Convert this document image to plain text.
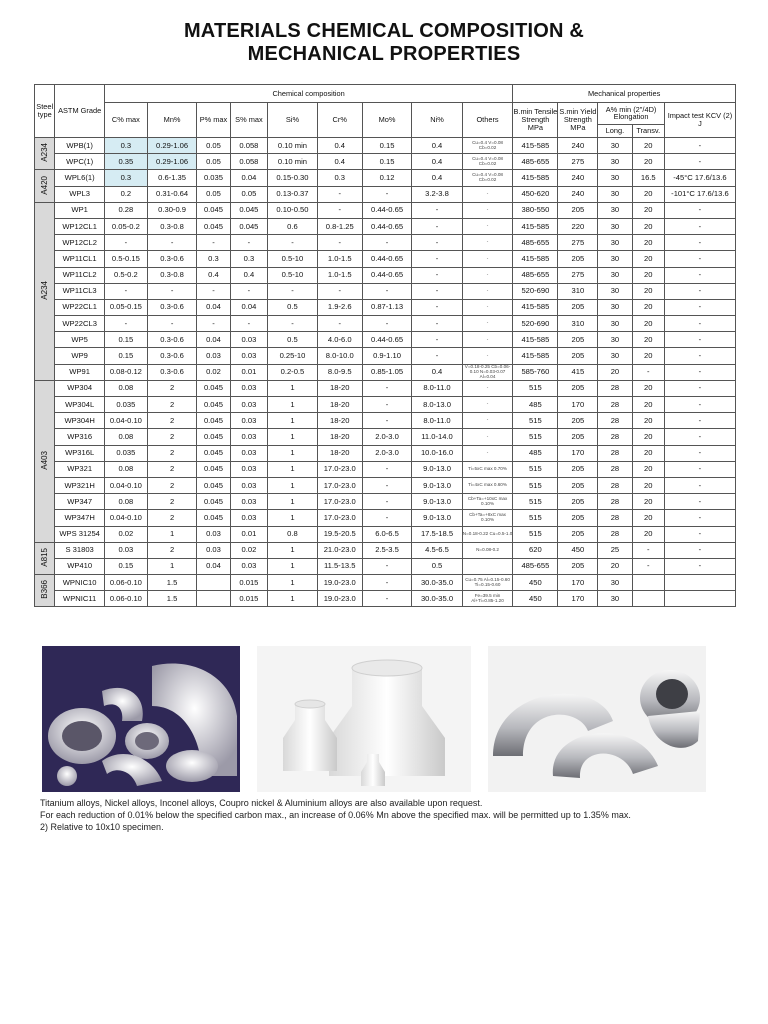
MATERIALS CHEMICAL COMPOSITION &
MECHANICAL PROPERTIES
Steel type	ASTM Grade	Chemical composition									Mechanical properties				
		C% max	Mn%	P% max	S% max	Si%	Cr%	Mo%	Ni%	Others	B.min Tensile Strength MPa	S.min Yield Strength MPa	A% min (2"/4D) Elongation		Impact test KCV (2) J
													Long.	Transv.	
A234	WPB(1)	0.3	0.29-1.06	0.05	0.058	0.10 min	0.4	0.15	0.4	Cu=0.4 V=0.08 Cb=0.02	415-585	240	30	20	-
	WPC(1)	0.35	0.29-1.06	0.05	0.058	0.10 min	0.4	0.15	0.4	Cu=0.4 V=0.08 Cb=0.02	485-655	275	30	20	-
A420	WPL6(1)	0.3	0.6-1.35	0.035	0.04	0.15-0.30	0.3	0.12	0.4	Cu=0.4 V=0.08 Cb=0.02	415-585	240	30	16.5	-45°C 17.6/13.6
	WPL3	0.2	0.31-0.64	0.05	0.05	0.13-0.37	-	-	3.2-3.8	-	450-620	240	30	20	-101°C 17.6/13.6
A234	WP1	0.28	0.30-0.9	0.045	0.045	0.10-0.50	-	0.44-0.65	-	-	380-550	205	30	20	-
	WP12CL1	0.05-0.2	0.3-0.8	0.045	0.045	0.6	0.8-1.25	0.44-0.65	-	-	415-585	220	30	20	-
	WP12CL2	-	-	-	-	-	-	-	-	-	485-655	275	30	20	-
	WP11CL1	0.5-0.15	0.3-0.6	0.3	0.3	0.5-10	1.0-1.5	0.44-0.65	-	-	415-585	205	30	20	-
	WP11CL2	0.5-0.2	0.3-0.8	0.4	0.4	0.5-10	1.0-1.5	0.44-0.65	-	-	485-655	275	30	20	-
	WP11CL3	-	-	-	-	-	-	-	-	-	520-690	310	30	20	-
	WP22CL1	0.05-0.15	0.3-0.6	0.04	0.04	0.5	1.9-2.6	0.87-1.13	-	-	415-585	205	30	20	-
	WP22CL3	-	-	-	-	-	-	-	-	-	520-690	310	30	20	-
	WP5	0.15	0.3-0.6	0.04	0.03	0.5	4.0-6.0	0.44-0.65	-	-	415-585	205	30	20	-
	WP9	0.15	0.3-0.6	0.03	0.03	0.25-10	8.0-10.0	0.9-1.10	-	-	415-585	205	30	20	-
	WP91	0.08-0.12	0.3-0.6	0.02	0.01	0.2-0.5	8.0-9.5	0.85-1.05	0.4	V=0.18-0.25 Cb=0.06-0.10 N=0.03-0.07 Al=0.04	585-760	415	20	-	-
A403	WP304	0.08	2	0.045	0.03	1	18-20	-	8.0-11.0	-	515	205	28	20	-
	WP304L	0.035	2	0.045	0.03	1	18-20	-	8.0-13.0	-	485	170	28	20	-
	WP304H	0.04-0.10	2	0.045	0.03	1	18-20	-	8.0-11.0	-	515	205	28	20	-
	WP316	0.08	2	0.045	0.03	1	18-20	2.0-3.0	11.0-14.0	-	515	205	28	20	-
	WP316L	0.035	2	0.045	0.03	1	18-20	2.0-3.0	10.0-16.0	-	485	170	28	20	-
	WP321	0.08	2	0.045	0.03	1	17.0-23.0	-	9.0-13.0	Ti=5xC max 0.70%	515	205	28	20	-
	WP321H	0.04-0.10	2	0.045	0.03	1	17.0-23.0	-	9.0-13.0	Ti=4xC max 0.60%	515	205	28	20	-
	WP347	0.08	2	0.045	0.03	1	17.0-23.0	-	9.0-13.0	Cb+Ta=+10xC max 0.10%	515	205	28	20	-
	WP347H	0.04-0.10	2	0.045	0.03	1	17.0-23.0	-	9.0-13.0	Cb+Ta=+8xC max 0.10%	515	205	28	20	-
	WPS 31254	0.02	1	0.03	0.01	0.8	19.5-20.5	6.0-6.5	17.5-18.5	N=0.18-0.22 Cu=0.5-1.0	515	205	28	20	-
A815	S 31803	0.03	2	0.03	0.02	1	21.0-23.0	2.5-3.5	4.5-6.5	N=0.08-0.2	620	450	25	-	-
	WP410	0.15	1	0.04	0.03	1	11.5-13.5	-	0.5		485-655	205	20	-	-
B366	WPNIC10	0.06-0.10	1.5		0.015	1	19.0-23.0	-	30.0-35.0	Cu=0.75 Al=0.15-0.60 Ti=0.15-0.60	450	170	30		
	WPNIC11	0.06-0.10	1.5		0.015	1	19.0-23.0	-	30.0-35.0	Fe=39.5 min Al+Ti=0.85-1.20	450	170	30		
Titanium alloys, Nickel alloys, Inconel alloys, Coupro nickel & Aluminium alloys are also available upon request.
For each reduction of 0.01% below the specified carbon max., an increase of 0.06% Mn above the specified max. will be permitted up to 1.35% max.
2) Relative to 10x10 specimen.
